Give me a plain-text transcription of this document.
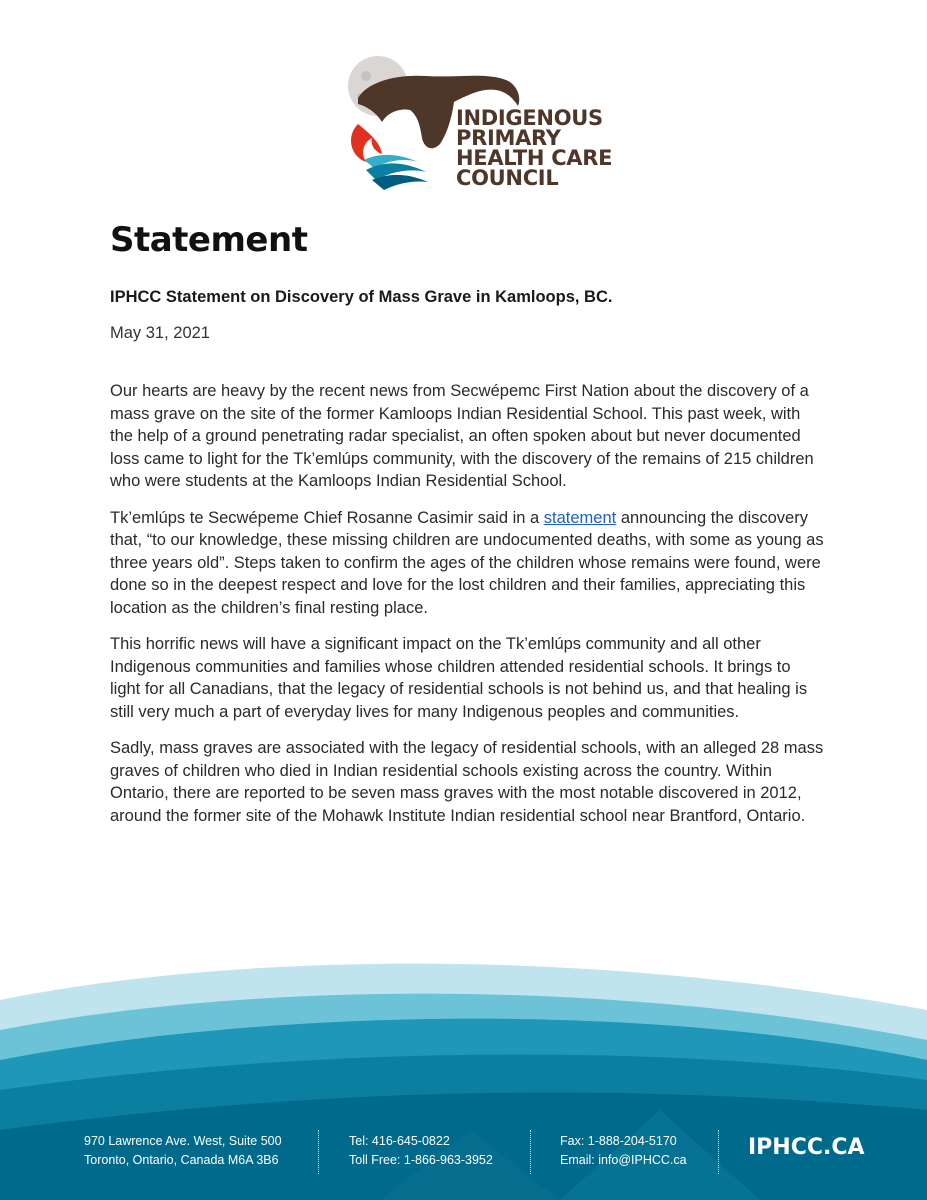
INDIGENOUS
PRIMARY
HEALTH CARE
COUNCIL
Statement
IPHCC Statement on Discovery of Mass Grave in Kamloops, BC.
May 31, 2021

Our hearts are heavy by the recent news from Secwépemc First Nation about the discovery of a mass grave on the site of the former Kamloops Indian Residential School. This past week, with the help of a ground penetrating radar specialist, an often spoken about but never documented loss came to light for the Tk’emlúps community, with the discovery of the remains of 215 children who were students at the Kamloops Indian Residential School.

Tk’emlúps te Secwépeme Chief Rosanne Casimir said in a statement announcing the discovery that, “to our knowledge, these missing children are undocumented deaths, with some as young as three years old”. Steps taken to confirm the ages of the children whose remains were found, were done so in the deepest respect and love for the lost children and their families, appreciating this location as the children’s final resting place.

This horrific news will have a significant impact on the Tk’emlúps community and all other Indigenous communities and families whose children attended residential schools. It brings to light for all Canadians, that the legacy of residential schools is not behind us, and that healing is still very much a part of everyday lives for many Indigenous peoples and communities.

Sadly, mass graves are associated with the legacy of residential schools, with an alleged 28 mass graves of children who died in Indian residential schools existing across the country. Within Ontario, there are reported to be seven mass graves with the most notable discovered in 2012, around the former site of the Mohawk Institute Indian residential school near Brantford, Ontario.

970 Lawrence Ave. West, Suite 500
Toronto, Ontario, Canada M6A 3B6
Tel: 416-645-0822
Toll Free: 1-866-963-3952
Fax: 1-888-204-5170
Email: info@IPHCC.ca	IPHCC.CA
